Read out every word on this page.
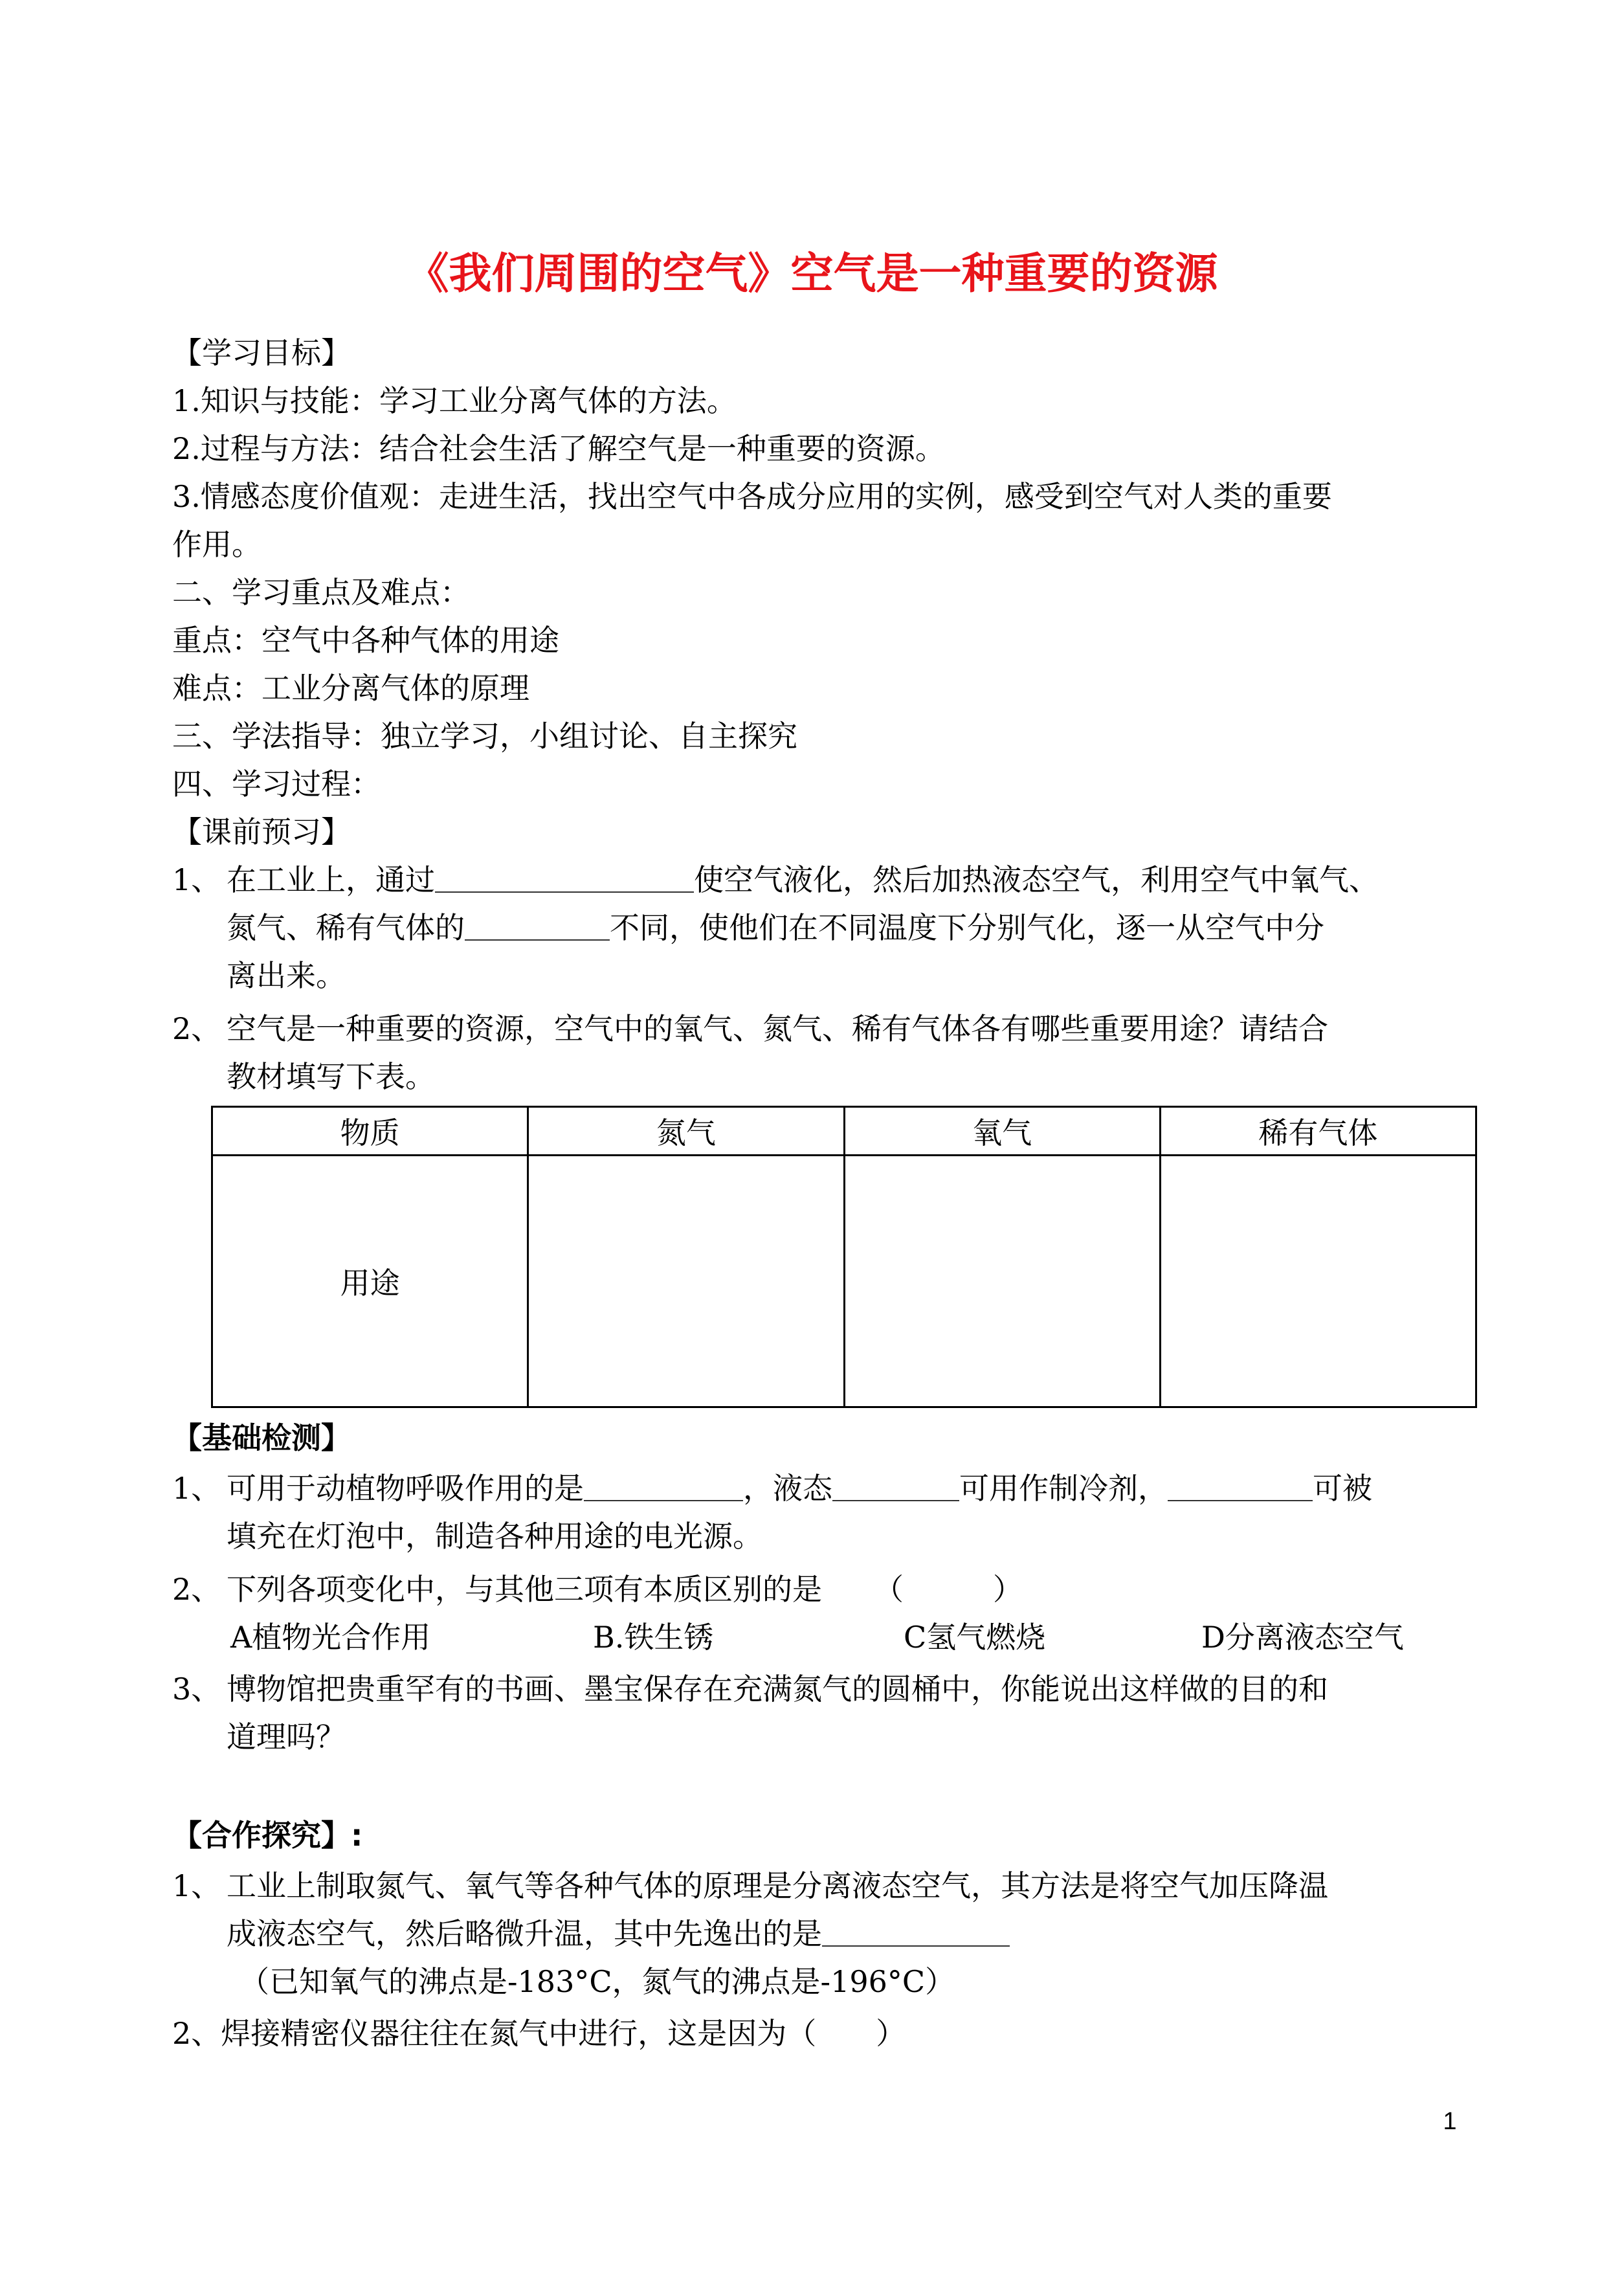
《我们周围的空气》空气是一种重要的资源
【学习目标】
1.知识与技能：学习工业分离气体的方法。
2.过程与方法：结合社会生活了解空气是一种重要的资源。
3.情感态度价值观：走进生活，找出空气中各成分应用的实例，感受到空气对人类的重要
作用。
二、学习重点及难点：
重点：空气中各种气体的用途
难点：工业分离气体的原理
三、学法指导：独立学习，小组讨论、自主探究
四、学习过程：
【课前预习】
1、 在工业上，通过	使空气液化，然后加热液态空气，利用空气中氧气、
氮气、稀有气体的	不同，使他们在不同温度下分别气化，逐一从空气中分
离出来。
2、 空气是一种重要的资源，空气中的氧气、氮气、稀有气体各有哪些重要用途？请结合
教材填写下表。
物质	氮气	氧气	稀有气体
用途			
【基础检测】
1、 可用于动植物呼吸作用的是	，液态	可用作制冷剂，	可被
填充在灯泡中，制造各种用途的电光源。
2、 下列各项变化中，与其他三项有本质区别的是 （　　　）
A植物光合作用	B.铁生锈	C氢气燃烧	D分离液态空气
3、 博物馆把贵重罕有的书画、墨宝保存在充满氮气的圆桶中，你能说出这样做的目的和
道理吗？
【合作探究】:
1、 工业上制取氮气、氧气等各种气体的原理是分离液态空气，其方法是将空气加压降温
成液态空气，然后略微升温，其中先逸出的是
（已知氧气的沸点是-183°C，氮气的沸点是-196°C）
2、焊接精密仪器往往在氮气中进行，这是因为（　　）
1
